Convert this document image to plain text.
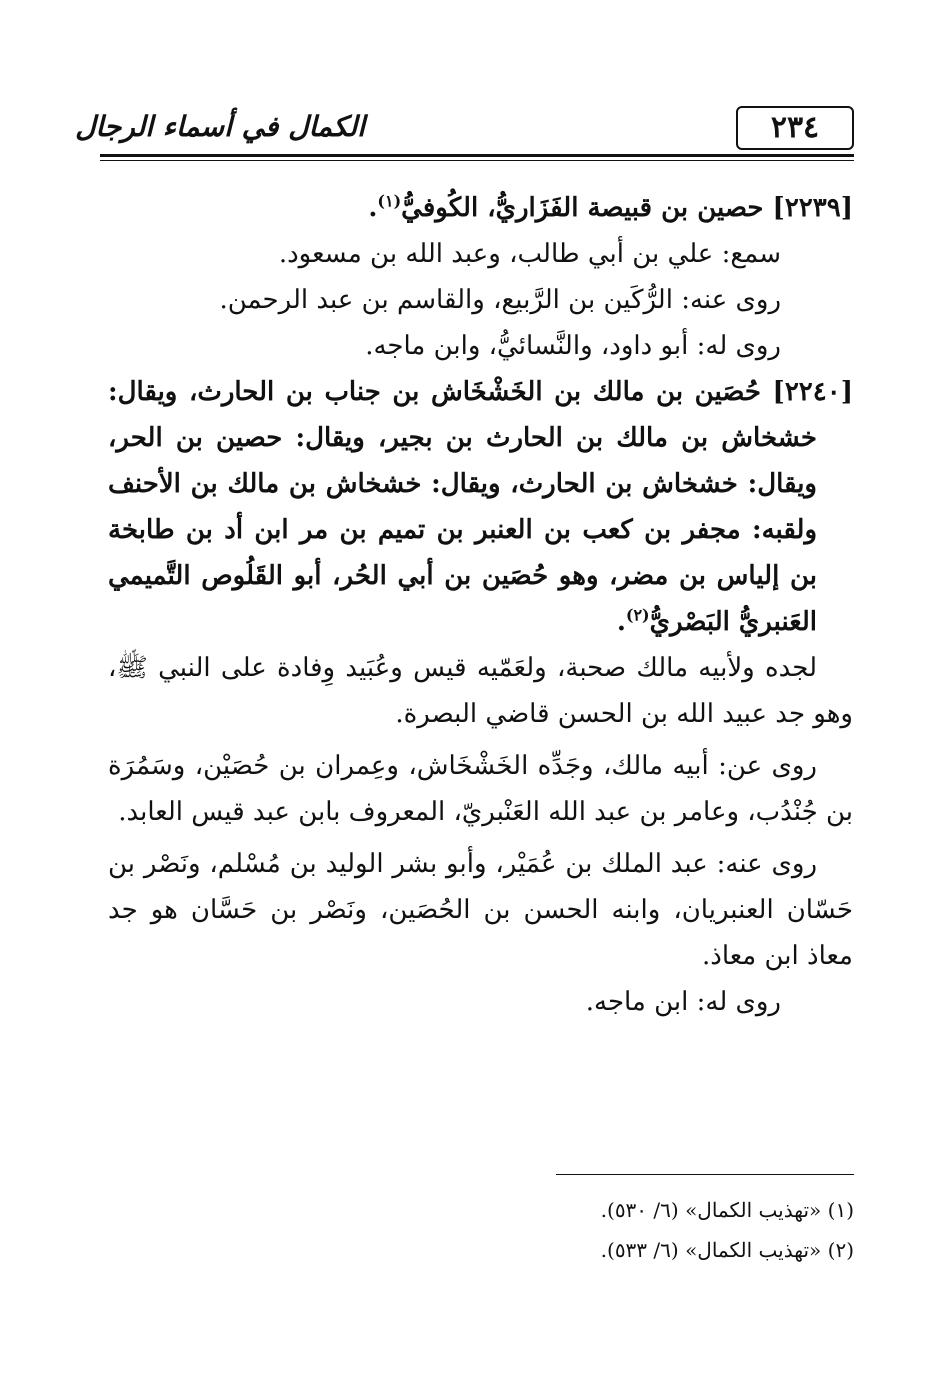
٢٣٤
الكمال في أسماء الرجال

[٢٢٣٩] حصين بن قبيصة الفَزَاريُّ، الكُوفيُّ$^{(١)}$.

سمع: علي بن أبي طالب، وعبد الله بن مسعود.

روى عنه: الرُّكَين بن الرَّبيع، والقاسم بن عبد الرحمن.

روى له: أبو داود، والنَّسائيُّ، وابن ماجه.

[٢٢٤٠] حُصَين بن مالك بن الخَشْخَاش بن جناب بن الحارث، ويقال: خشخاش بن مالك بن الحارث بن بجير، ويقال: حصين بن الحر، ويقال: خشخاش بن الحارث، ويقال: خشخاش بن مالك بن الأحنف ولقبه: مجفر بن كعب بن العنبر بن تميم بن مر ابن أد بن طابخة بن إلياس بن مضر، وهو حُصَين بن أبي الحُر، أبو القَلُوص التَّميمي العَنبريُّ البَصْريُّ$^{(٢)}$.

لجده ولأبيه مالك صحبة، ولعَمّيه قيس وعُبَيد وِفادة على النبي ﷺ، وهو جد عبيد الله بن الحسن قاضي البصرة.

روى عن: أبيه مالك، وجَدِّه الخَشْخَاش، وعِمران بن حُصَيْن، وسَمُرَة بن جُنْدُب، وعامر بن عبد الله العَنْبريّ، المعروف بابن عبد قيس العابد.

روى عنه: عبد الملك بن عُمَيْر، وأبو بشر الوليد بن مُسْلم، ونَصْر بن حَسّان العنبريان، وابنه الحسن بن الحُصَين، ونَصْر بن حَسَّان هو جد معاذ ابن معاذ.

روى له: ابن ماجه.

(١) «تهذيب الكمال» (٦/ ٥٣٠).

(٢) «تهذيب الكمال» (٦/ ٥٣٣).
